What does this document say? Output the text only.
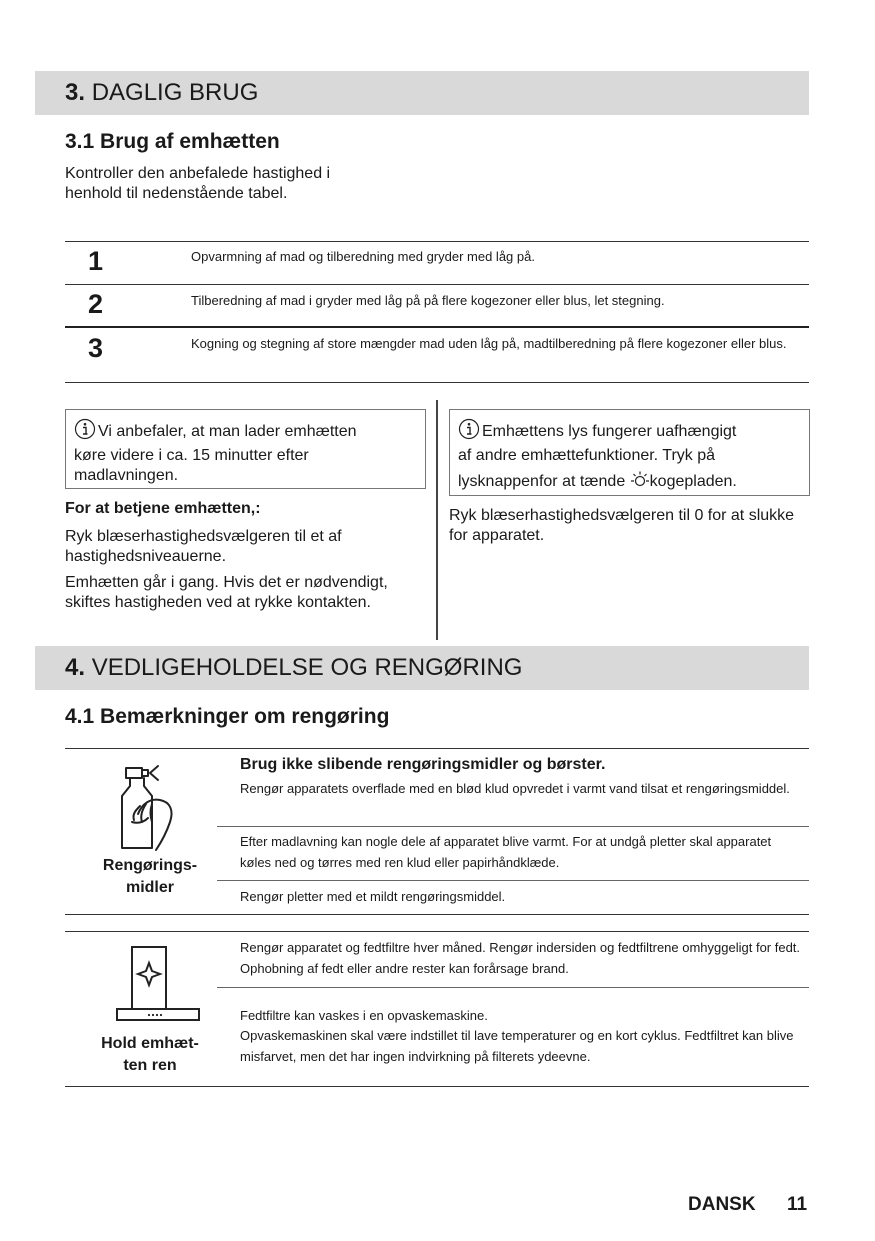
3. DAGLIG BRUG
3.1 Brug af emhætten
Kontroller den anbefalede hastighed i
henhold til nedenstående tabel.
1	Opvarmning af mad og tilberedning med gryder med låg på.
2	Tilberedning af mad i gryder med låg på på flere kogezoner eller blus, let stegning.
3	Kogning og stegning af store mængder mad uden låg på, madtilberedning på flere kogezoner eller blus.
Vi anbefaler, at man lader emhætten
køre videre i ca. 15 minutter efter
madlavningen.
For at betjene emhætten,:
Ryk blæserhastighedsvælgeren til et af hastighedsniveauerne.
Emhætten går i gang. Hvis det er nødvendigt, skiftes hastigheden ved at rykke kontakten.
Emhættens lys fungerer uafhængigt
af andre emhættefunktioner. Tryk på
lysknappenfor at tænde kogepladen.
Ryk blæserhastighedsvælgeren til 0 for at slukke for apparatet.
4. VEDLIGEHOLDELSE OG RENGØRING
4.1 Bemærkninger om rengøring
Rengørings-
midler
Brug ikke slibende rengøringsmidler og børster.
Rengør apparatets overflade med en blød klud opvredet i varmt vand tilsat et rengøringsmiddel.
Efter madlavning kan nogle dele af apparatet blive varmt. For at undgå pletter skal apparatet køles ned og tørres med ren klud eller papirhåndklæde.
Rengør pletter med et mildt rengøringsmiddel.
Hold emhæt-
ten ren
Rengør apparatet og fedtfiltre hver måned. Rengør indersiden og fedtfiltrene omhyggeligt for fedt. Ophobning af fedt eller andre rester kan forårsage brand.
Fedtfiltre kan vaskes i en opvaskemaskine.
Opvaskemaskinen skal være indstillet til lave temperaturer og en kort cyklus. Fedtfiltret kan blive misfarvet, men det har ingen indvirkning på filterets ydeevne.
DANSK 11
